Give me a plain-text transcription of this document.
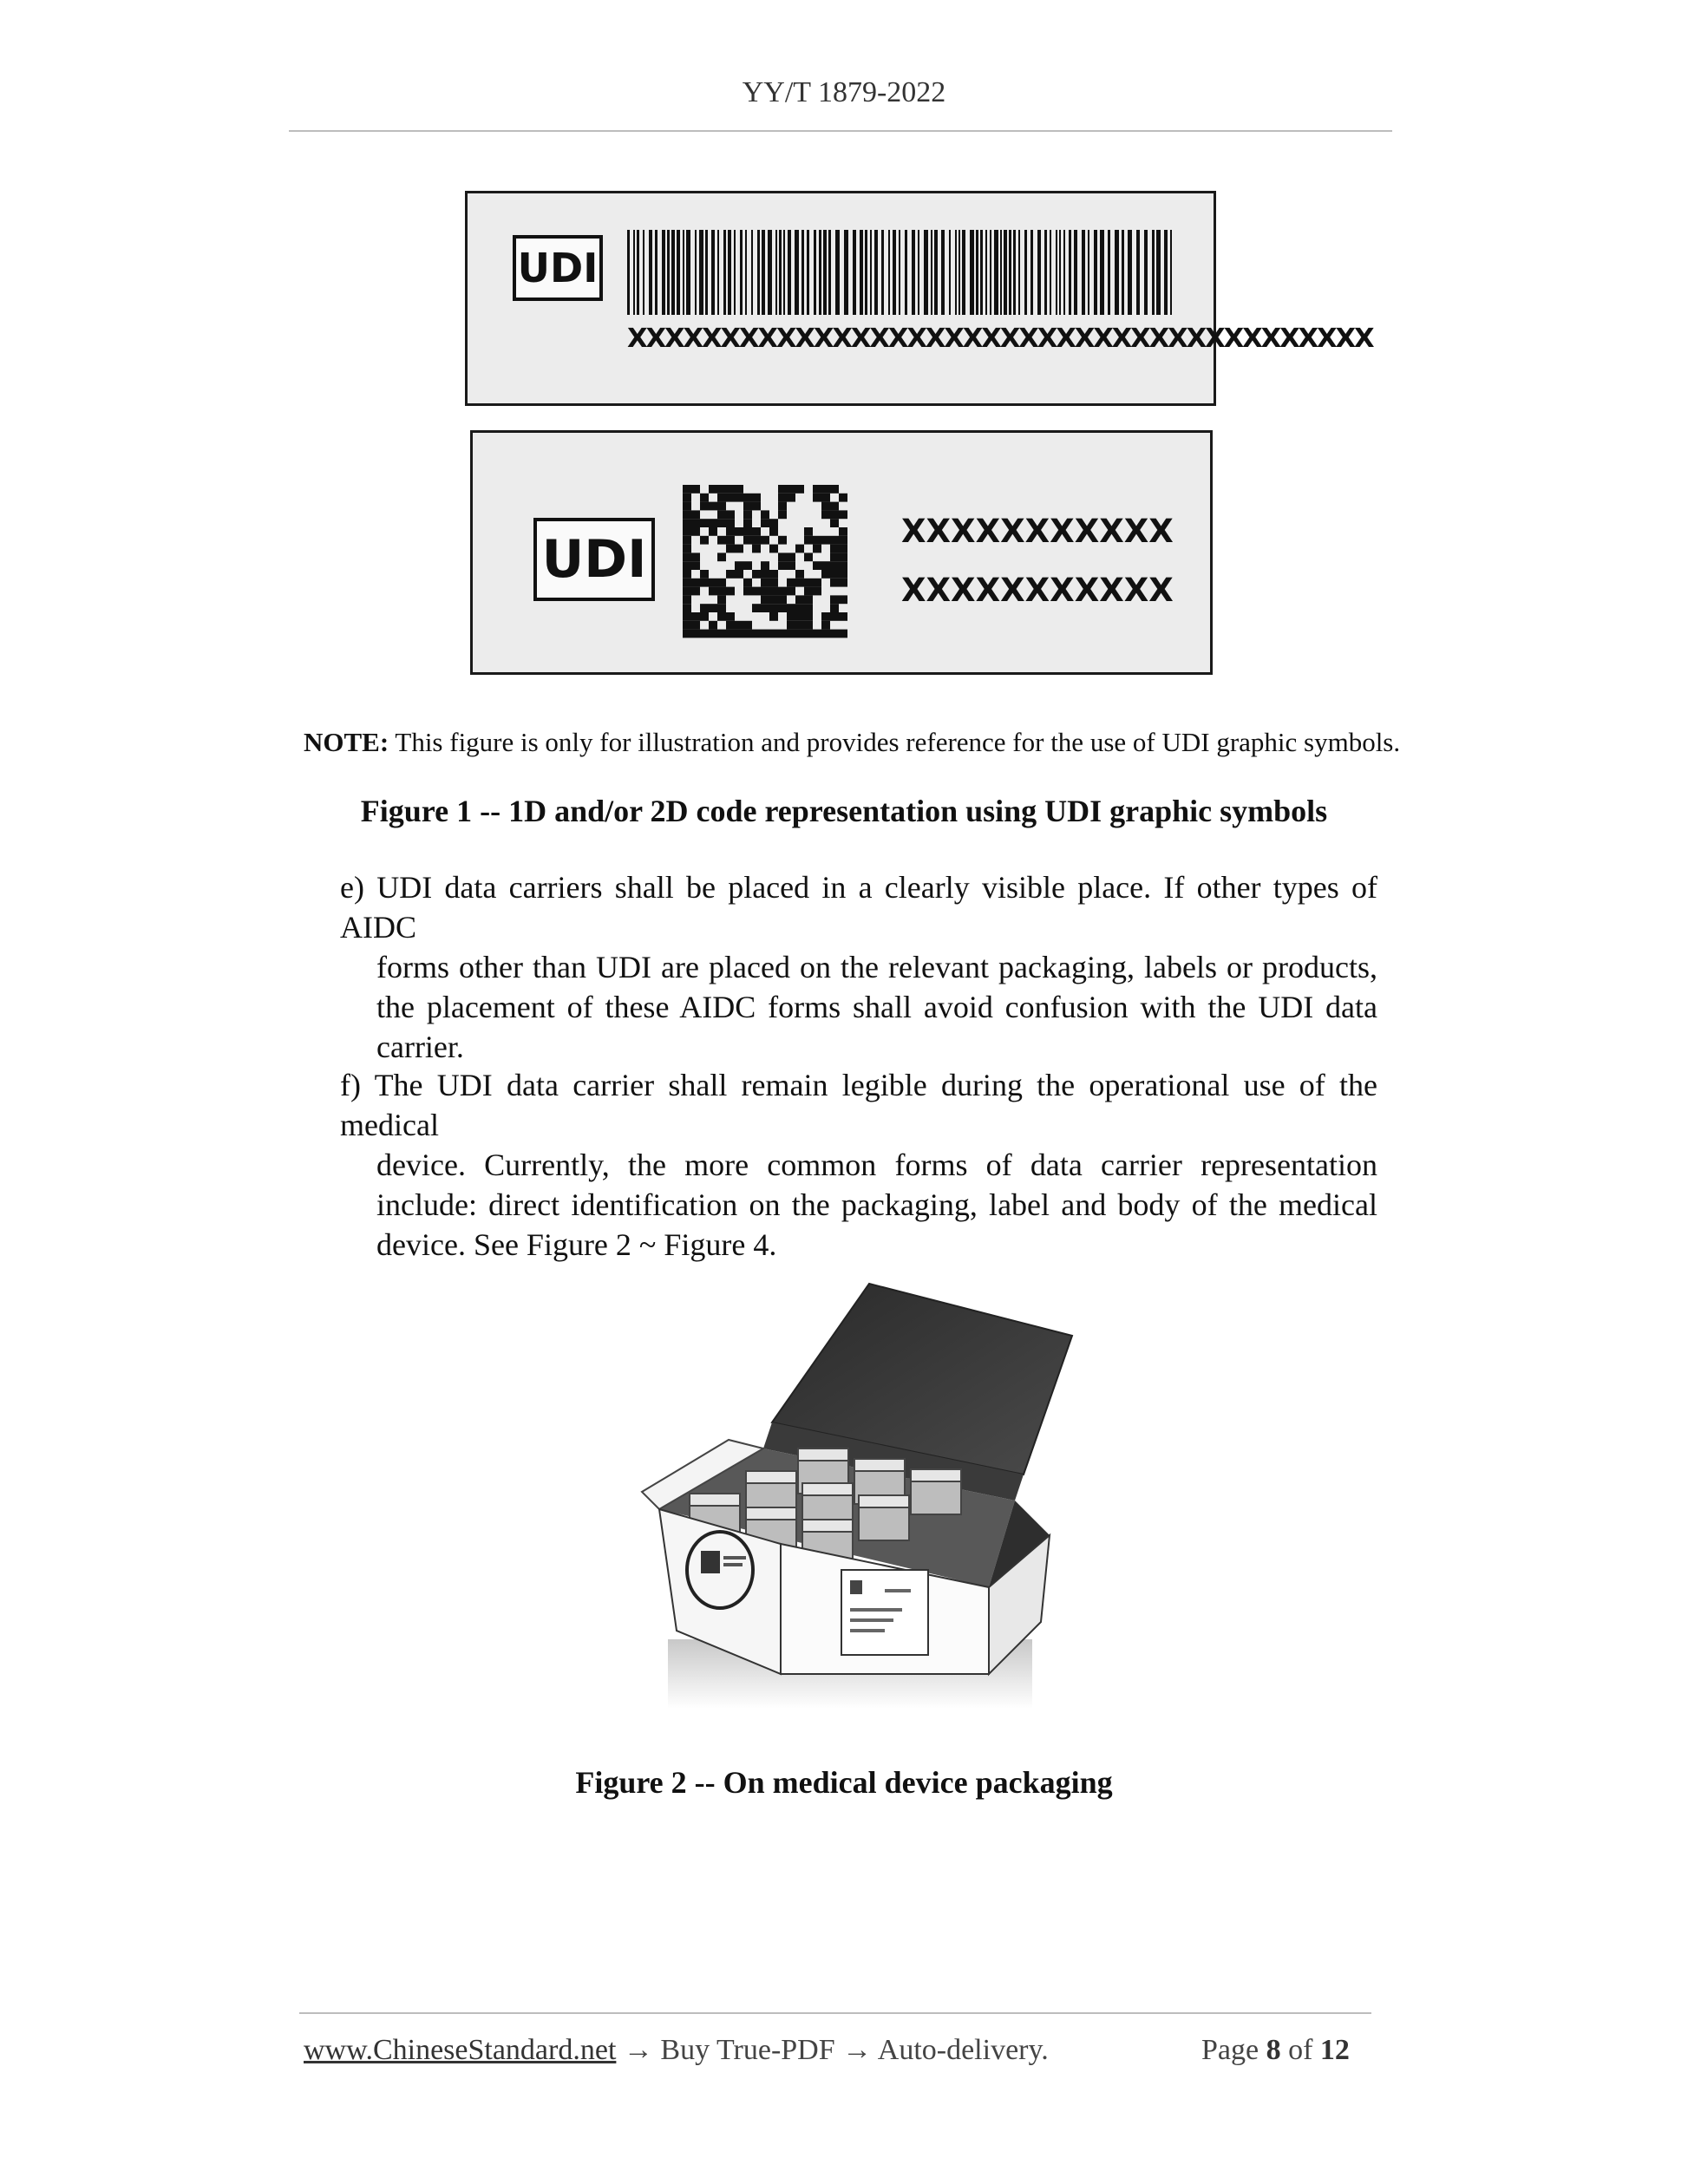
YY/T 1879-2022
UDI
XXXXXXXXXXXXXXXXXXXXXXXXXXXXXXXXXXXXXXXX
UDI	XXXXXXXXXXX
XXXXXXXXXXX
NOTE: This figure is only for illustration and provides reference for the use of UDI graphic symbols.
Figure 1 -- 1D and/or 2D code representation using UDI graphic symbols
e) UDI data carriers shall be placed in a clearly visible place. If other types of AIDC
forms other than UDI are placed on the relevant packaging, labels or products, the placement of these AIDC forms shall avoid confusion with the UDI data carrier.
f) The UDI data carrier shall remain legible during the operational use of the medical
device. Currently, the more common forms of data carrier representation include: direct identification on the packaging, label and body of the medical device. See Figure 2 ~ Figure 4.
Figure 2 -- On medical device packaging
www.ChineseStandard.net → Buy True-PDF → Auto-delivery.	Page 8 of 12
